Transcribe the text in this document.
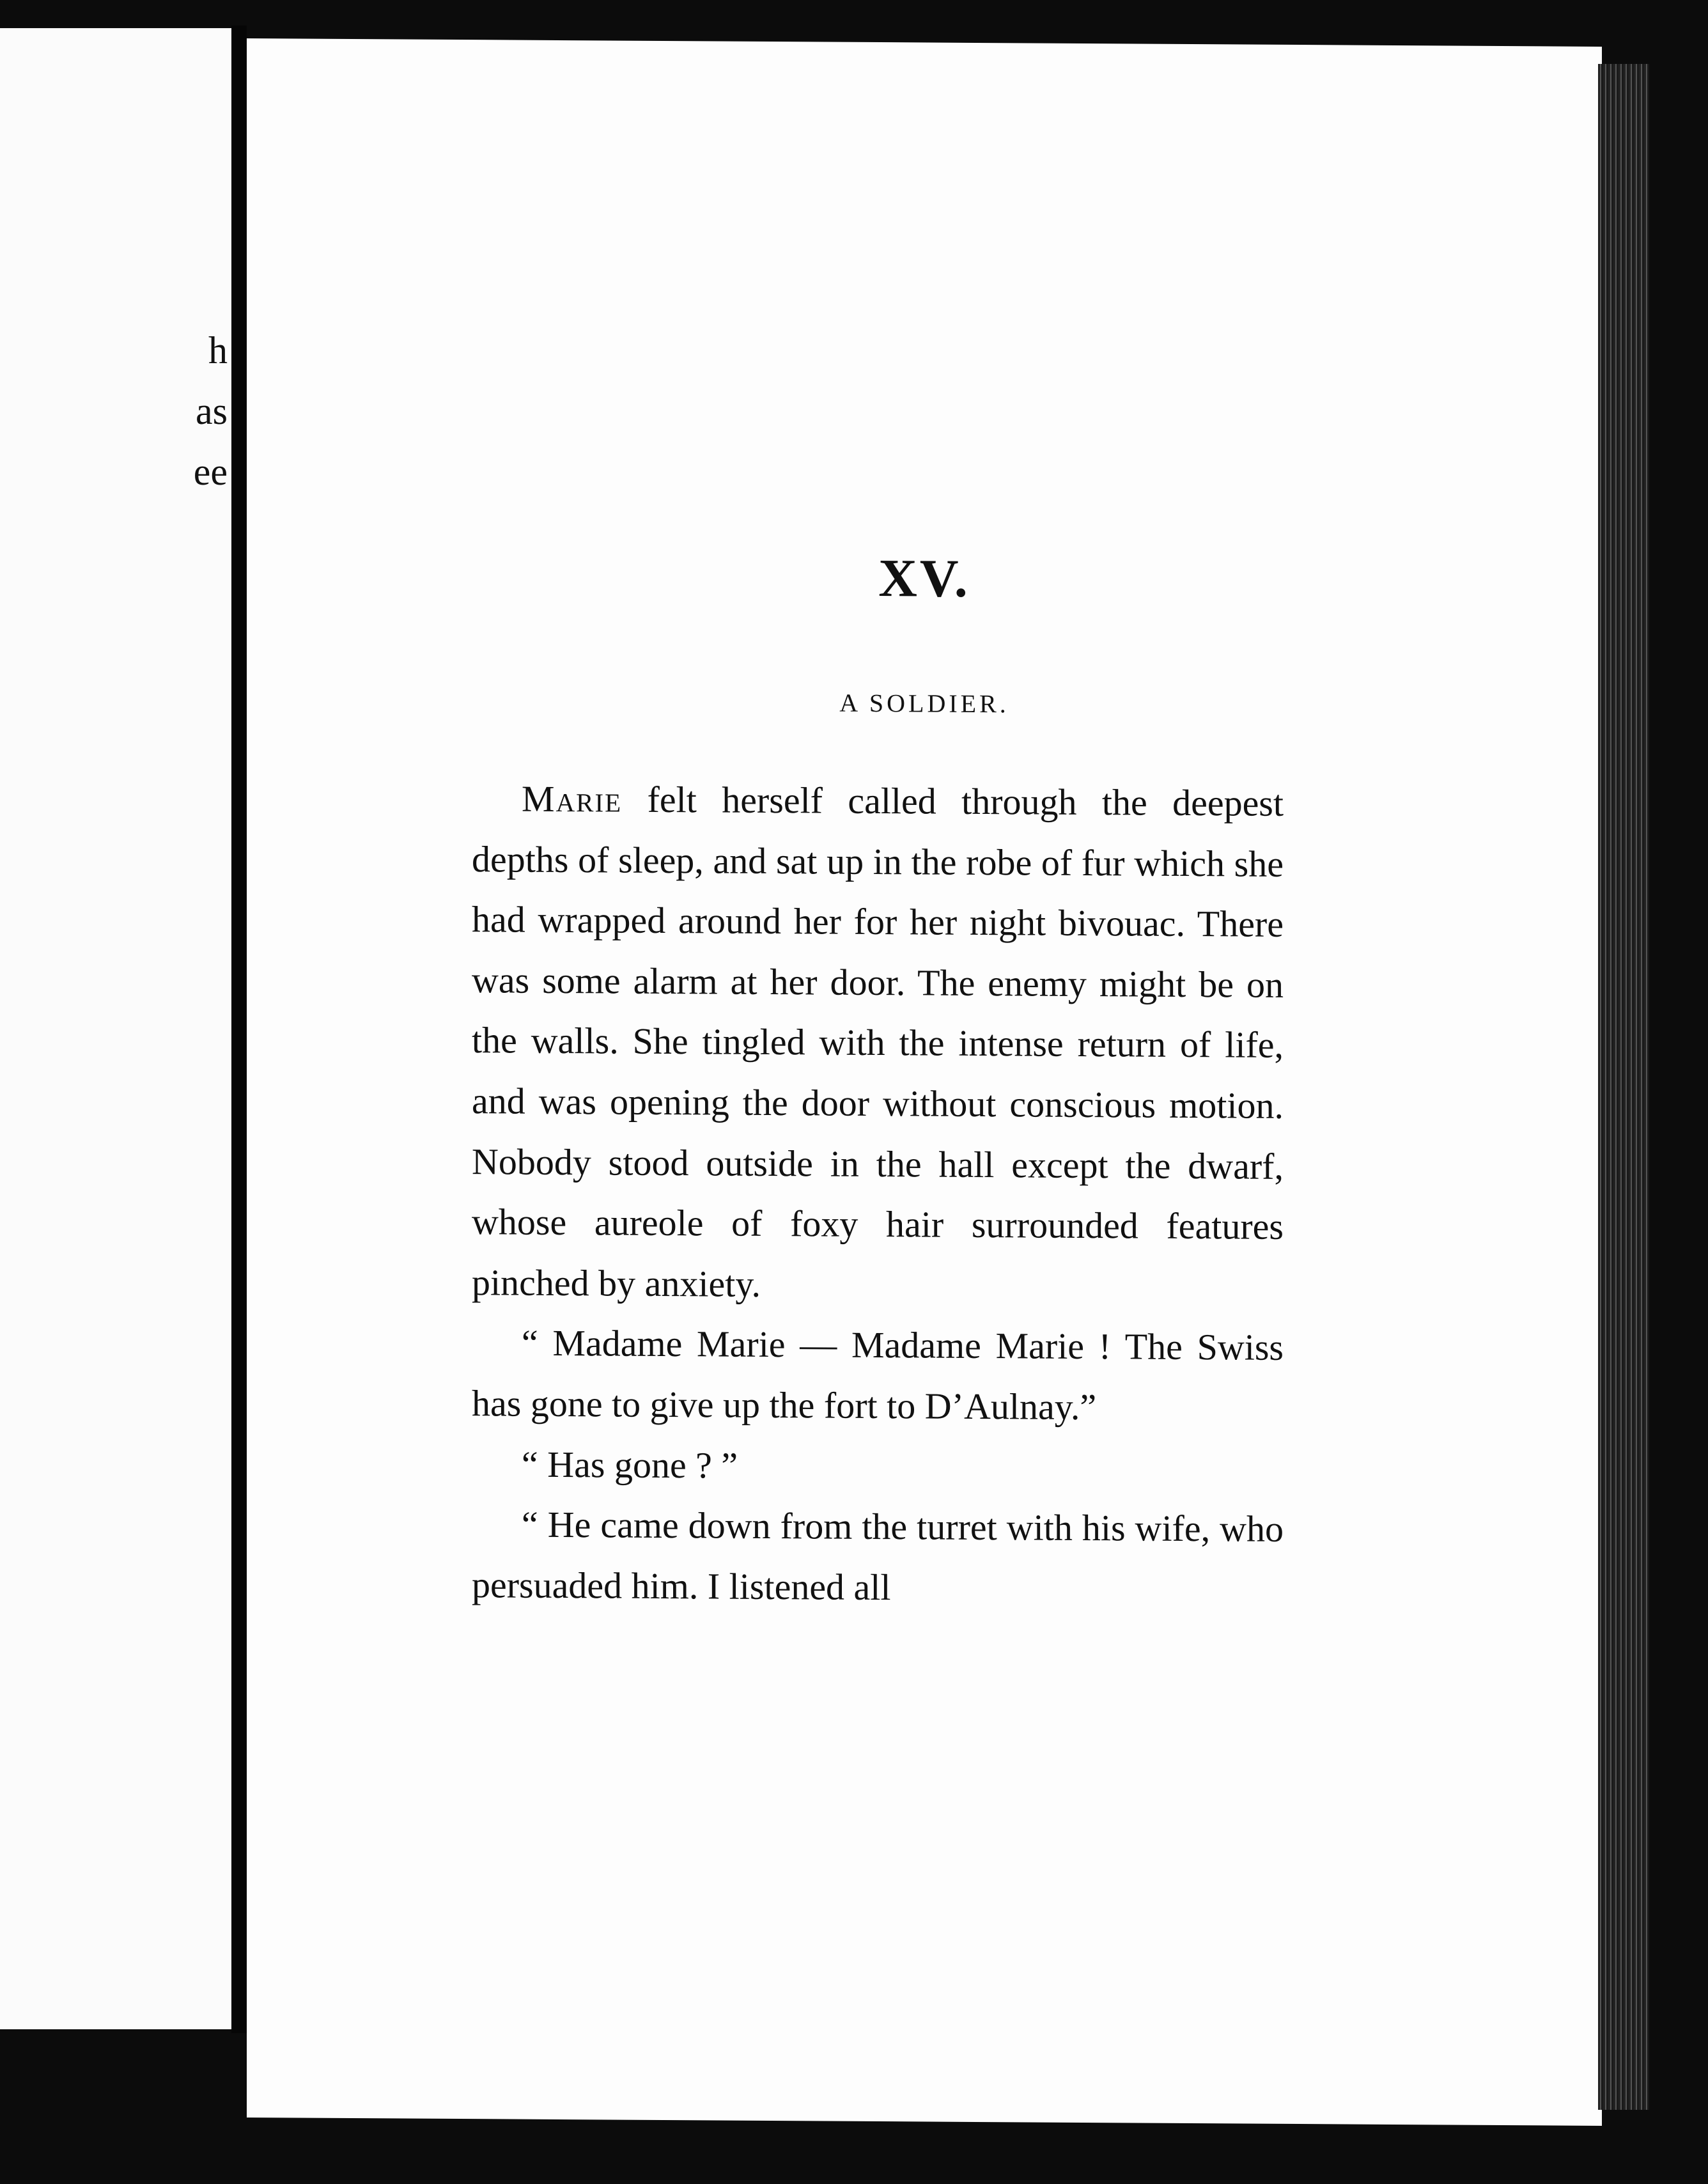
h
as
ee
XV.
A SOLDIER.

Marie felt herself called through the deepest depths of sleep, and sat up in the robe of fur which she had wrapped around her for her night bivouac. There was some alarm at her door. The enemy might be on the walls. She tingled with the intense return of life, and was opening the door without conscious motion. Nobody stood outside in the hall except the dwarf, whose aureole of foxy hair surrounded features pinched by anxiety.

“ Madame Marie — Madame Marie ! The Swiss has gone to give up the fort to D’Aulnay.”

“ Has gone ? ”

“ He came down from the turret with his wife, who persuaded him. I listened all
